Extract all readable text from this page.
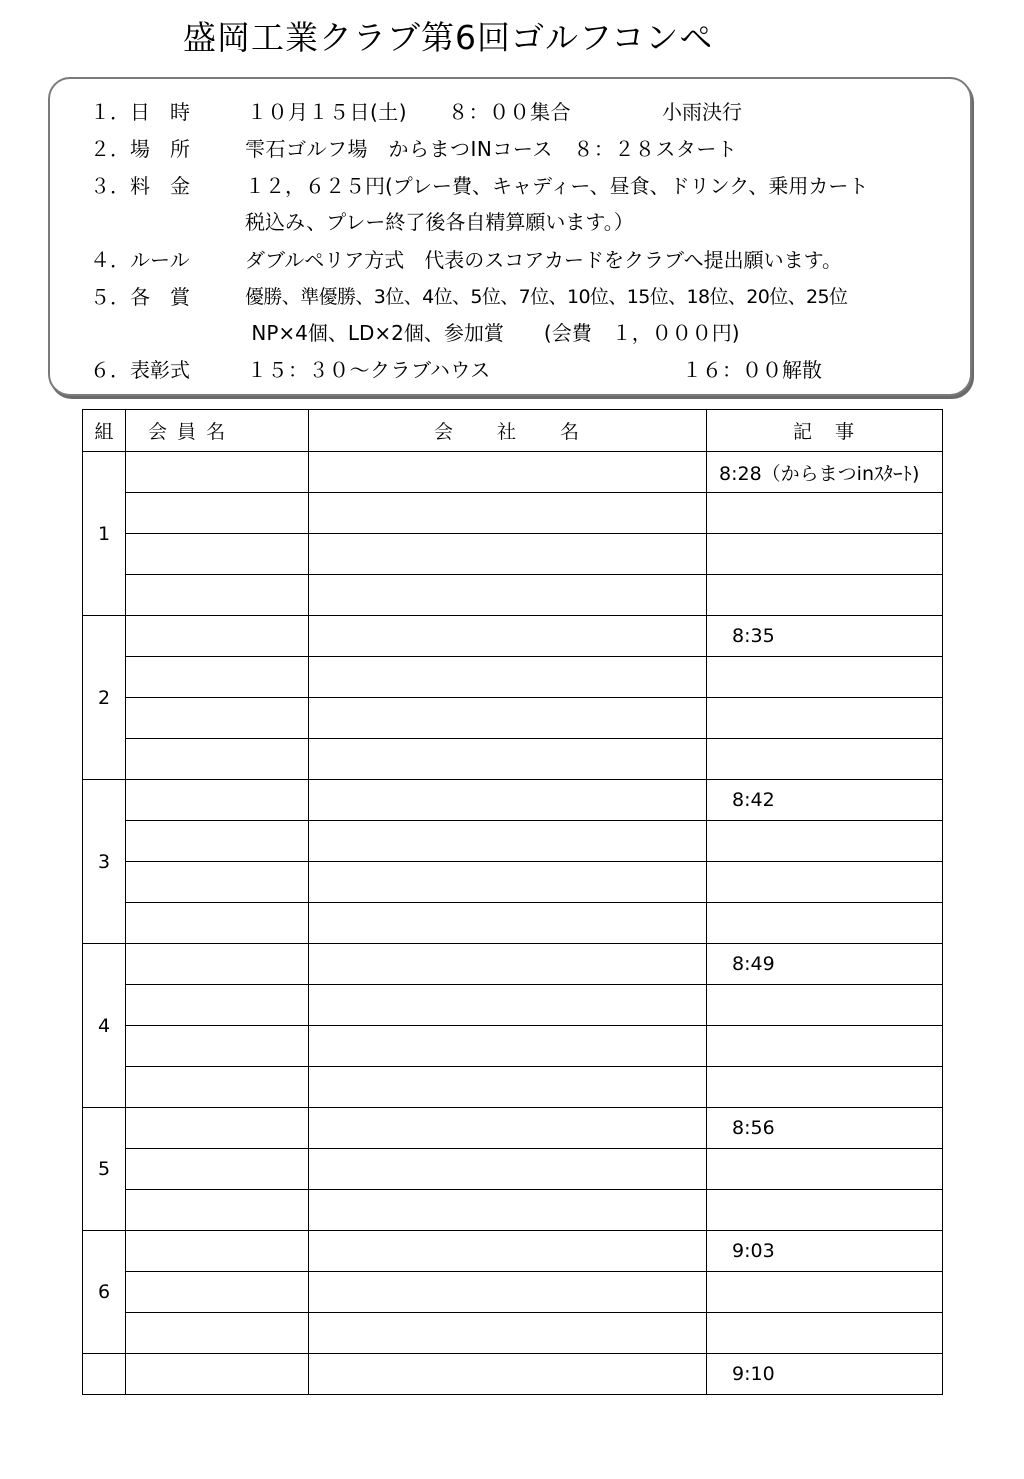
盛岡工業クラブ第6回ゴルフコンペ
１．日　時	１０月１５日(土)　　８：００集合	小雨決行
２．場　所	雫石ゴルフ場　からまつINコース　８：２８スタート
３．料　金	１２，６２５円(プレー費、キャディー、昼食、ドリンク、乗用カート
税込み、プレー終了後各自精算願います。）
４．ルール	ダブルペリア方式　代表のスコアカードをクラブへ提出願います。
５．各　賞	優勝、準優勝、3位、4位、5位、7位、10位、15位、18位、20位、25位
NP×4個、LD×2個、参加賞　　(会費　１，０００円)
６．表彰式	１５：３０～クラブハウス	１６：００解散
組	会 員 名	会　　社　　名	記　事
1			8:28（からまつinｽﾀｰﾄ)

2			8:35

3			8:42

4			8:49

5			8:56

6			9:03

			9:10
